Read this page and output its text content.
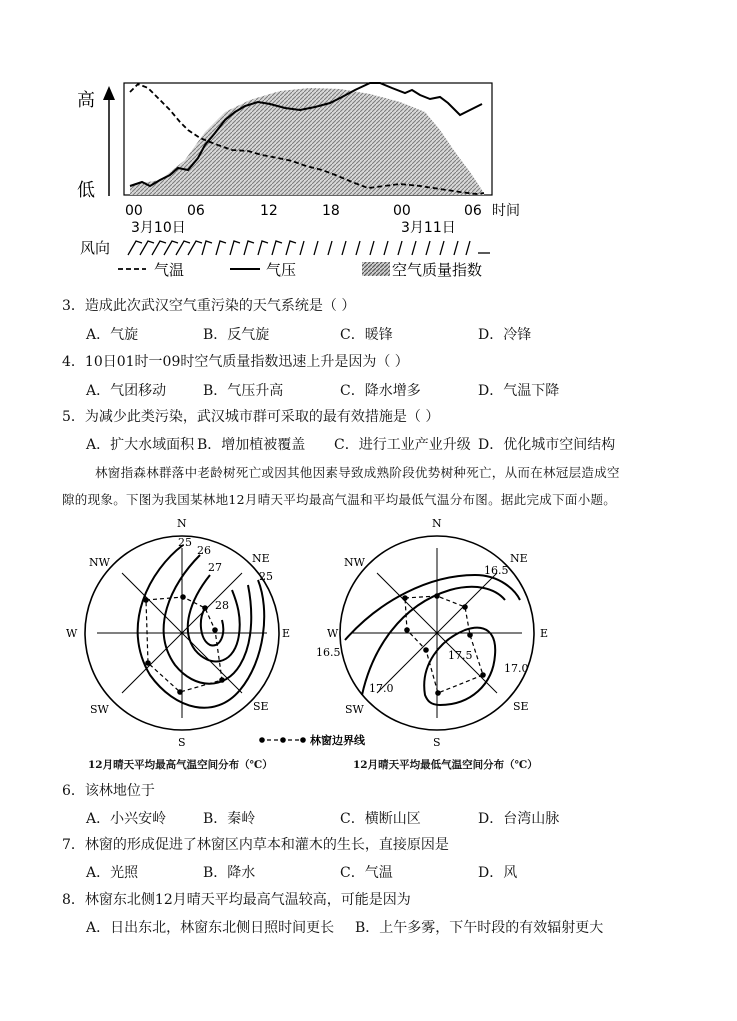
高
低
00	06	12	18	00	06 时间
3月10日	3月11日
风向
气温	气压	空气质量指数
3．造成此次武汉空气重污染的天气系统是（ ）
A．气旋	B．反气旋	C．暖锋	D．冷锋
4．10日01时一09时空气质量指数迅速上升是因为（ ）
A．气团移动	B．气压升高	C．降水增多	D．气温下降
5．为减少此类污染，武汉城市群可采取的最有效措施是（ ）
A．扩大水域面积 B．增加植被覆盖 C．进行工业产业升级 D．优化城市空间结构
林窗指森林群落中老龄树死亡或因其他因素导致成熟阶段优势树种死亡，从而在林冠层造成空
隙的现象。下图为我国某林地12月晴天平均最高气温和平均最低气温分布图。据此完成下面小题。
N
NE
E
SE
S
SW
W
NW
25
26
27
28
25
N
NE
E
SE
S
SW
W
NW
16.5
16.5	17.5
17.0
17.0
林窗边界线
12月晴天平均最高气温空间分布（℃）	12月晴天平均最低气温空间分布（℃）
6．该林地位于
A．小兴安岭	B．秦岭	C．横断山区	D．台湾山脉
7．林窗的形成促进了林窗区内草本和灌木的生长，直接原因是
A．光照	B．降水	C．气温	D．风
8．林窗东北侧12月晴天平均最高气温较高，可能是因为
A．日出东北，林窗东北侧日照时间更长 B．上午多雾，下午时段的有效辐射更大
